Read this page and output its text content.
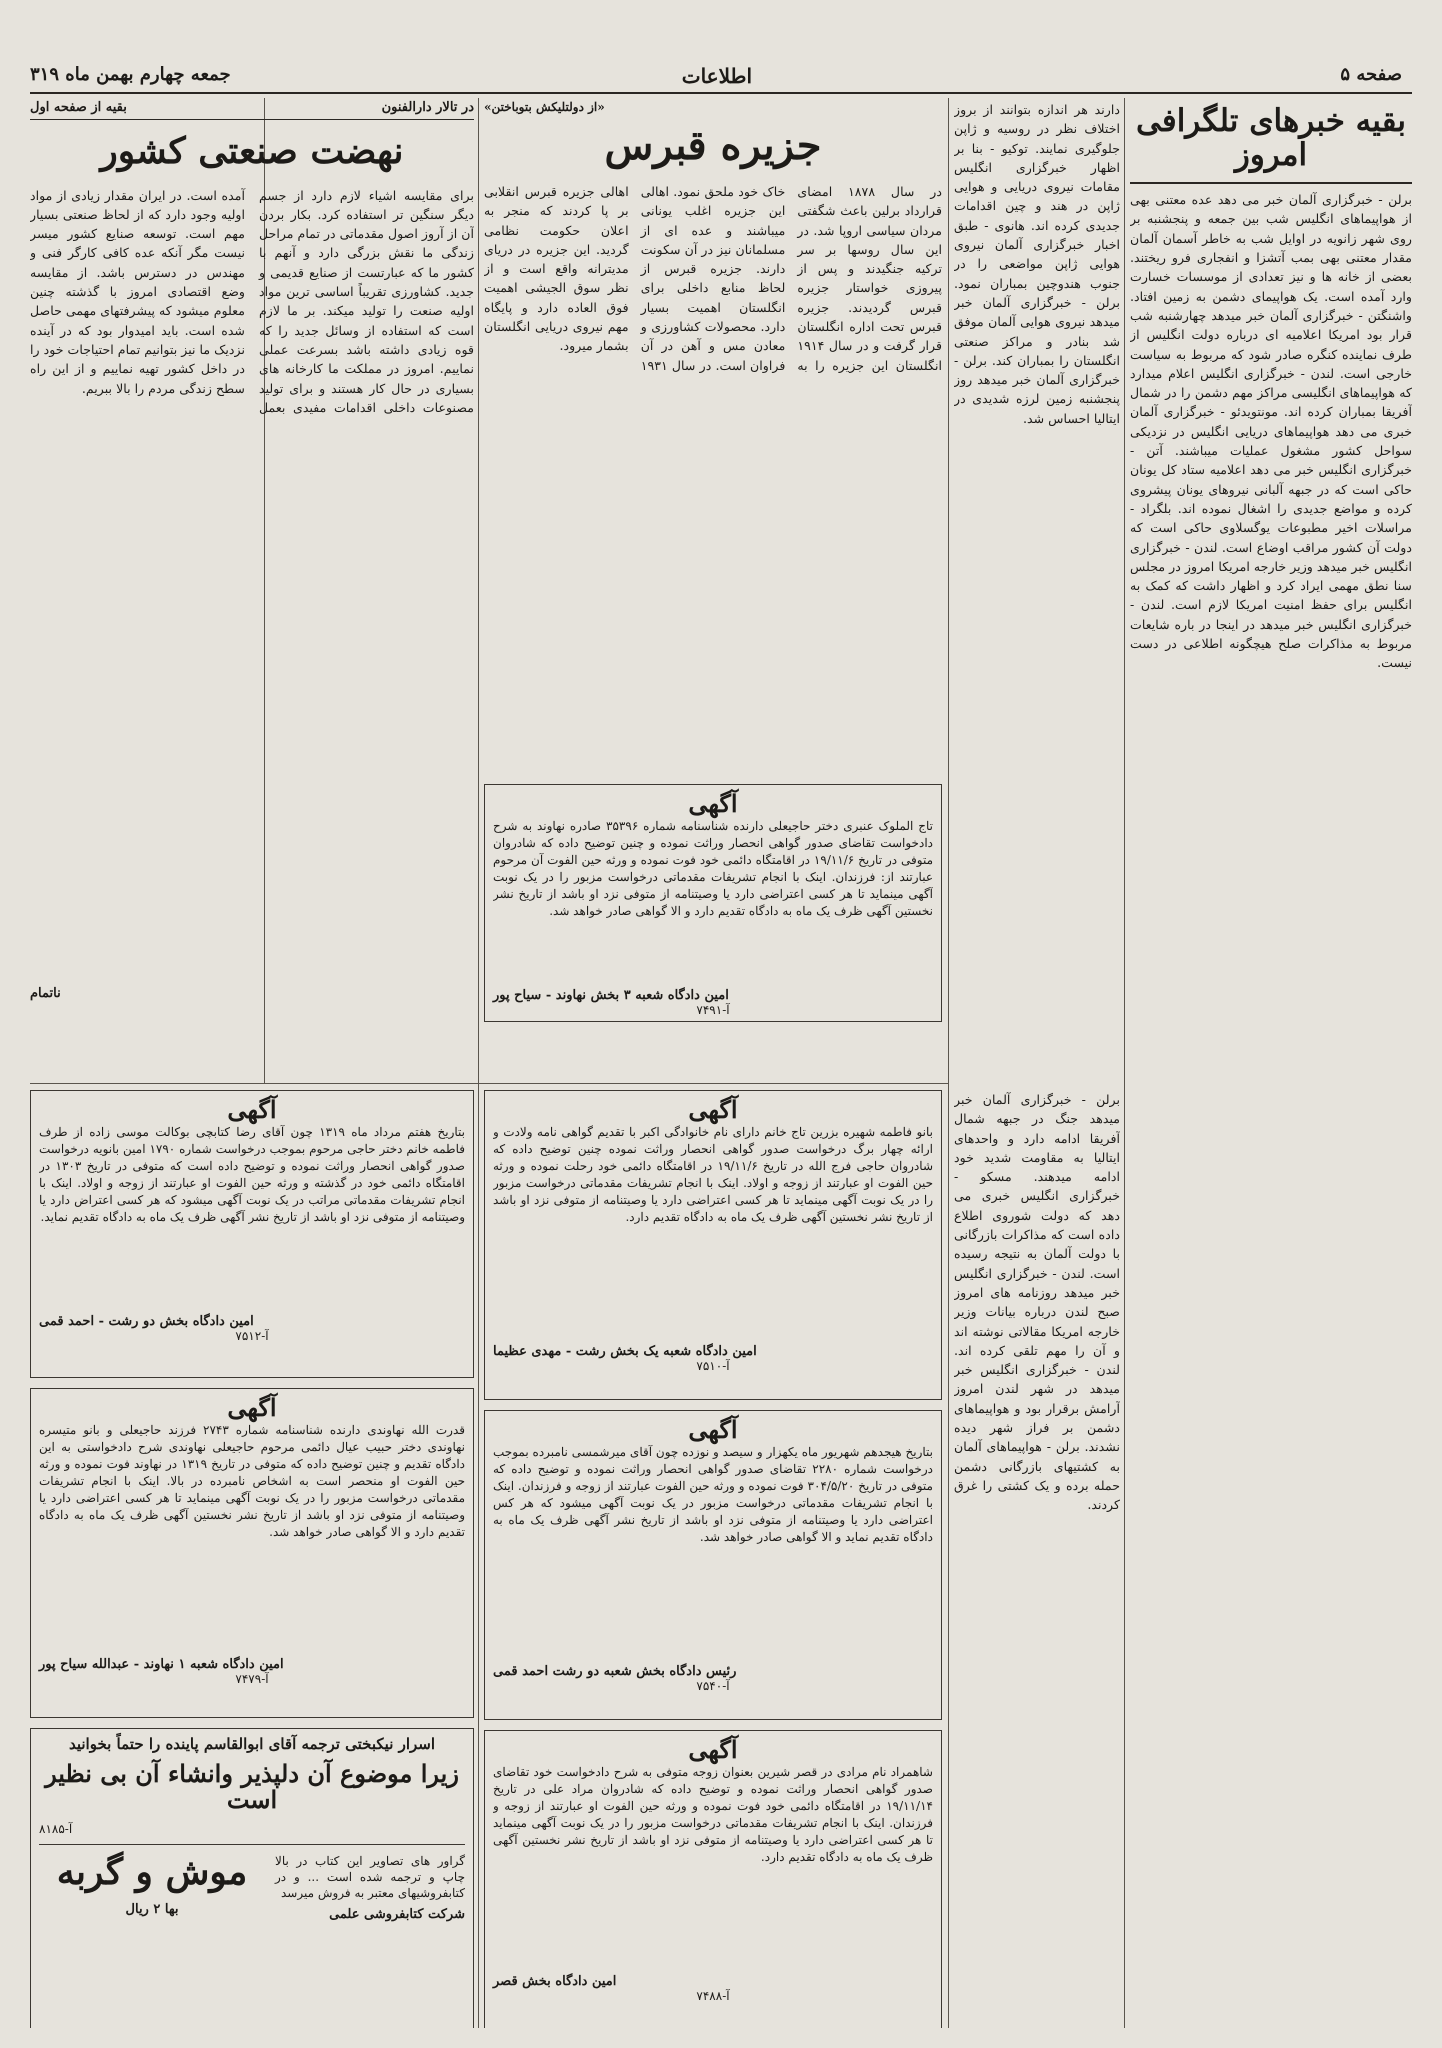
صفحه ۵
اطلاعات
جمعه چهارم بهمن ماه ۳۱۹
بقیه خبرهای تلگرافی امروز
برلن - خبرگزاری آلمان خبر می دهد عده معتنی بهی از هواپیماهای انگلیس شب بین جمعه و پنجشنبه بر روی شهر زانویه در اوایل شب به خاطر آسمان آلمان مقدار معتنی بهی بمب آتشزا و انفجاری فرو ریختند. بعضی از خانه ها و نیز تعدادی از موسسات خسارت وارد آمده است. یک هواپیمای دشمن به زمین افتاد. واشنگتن - خبرگزاری آلمان خبر میدهد چهارشنبه شب قرار بود امریکا اعلامیه ای درباره دولت انگلیس از طرف نماینده کنگره صادر شود که مربوط به سیاست خارجی است. لندن - خبرگزاری انگلیس اعلام میدارد که هواپیماهای انگلیسی مراکز مهم دشمن را در شمال آفریقا بمباران کرده اند. مونتویدئو - خبرگزاری آلمان خبری می دهد هواپیماهای دریایی انگلیس در نزدیکی سواحل کشور مشغول عملیات میباشند. آتن - خبرگزاری انگلیس خبر می دهد اعلامیه ستاد کل یونان حاکی است که در جبهه آلبانی نیروهای یونان پیشروی کرده و مواضع جدیدی را اشغال نموده اند. بلگراد - مراسلات اخیر مطبوعات یوگسلاوی حاکی است که دولت آن کشور مراقب اوضاع است. لندن - خبرگزاری انگلیس خبر میدهد وزیر خارجه امریکا امروز در مجلس سنا نطق مهمی ایراد کرد و اظهار داشت که کمک به انگلیس برای حفظ امنیت امریکا لازم است. لندن - خبرگزاری انگلیس خبر میدهد در اینجا در باره شایعات مربوط به مذاکرات صلح هیچگونه اطلاعی در دست نیست.
دارند هر اندازه بتوانند از بروز اختلاف نظر در روسیه و ژاپن جلوگیری نمایند. توکیو - بنا بر اظهار خبرگزاری انگلیس مقامات نیروی دریایی و هوایی ژاپن در هند و چین اقدامات جدیدی کرده اند. هانوی - طبق اخبار خبرگزاری آلمان نیروی هوایی ژاپن مواضعی را در جنوب هندوچین بمباران نمود. برلن - خبرگزاری آلمان خبر میدهد نیروی هوایی آلمان موفق شد بنادر و مراکز صنعتی انگلستان را بمباران کند. برلن - خبرگزاری آلمان خبر میدهد روز پنجشنبه زمین لرزه شدیدی در ایتالیا احساس شد.
برلن - خبرگزاری آلمان خبر میدهد جنگ در جبهه شمال آفریقا ادامه دارد و واحدهای ایتالیا به مقاومت شدید خود ادامه میدهند. مسکو - خبرگزاری انگلیس خبری می دهد که دولت شوروی اطلاع داده است که مذاکرات بازرگانی با دولت آلمان به نتیجه رسیده است. لندن - خبرگزاری انگلیس خبر میدهد روزنامه های امروز صبح لندن درباره بیانات وزیر خارجه امریکا مقالاتی نوشته اند و آن را مهم تلقی کرده اند. لندن - خبرگزاری انگلیس خبر میدهد در شهر لندن امروز آرامش برقرار بود و هواپیماهای دشمن بر فراز شهر دیده نشدند. برلن - هواپیماهای آلمان به کشتیهای بازرگانی دشمن حمله برده و یک کشتی را غرق کردند.
«از دولتلیکش بتوباختن»
جزیره قبرس
در سال ۱۸۷۸ امضای قرارداد برلین باعث شگفتی مردان سیاسی اروپا شد. در این سال روسها بر سر ترکیه جنگیدند و پس از پیروزی خواستار جزیره قبرس گردیدند. جزیره قبرس تحت اداره انگلستان قرار گرفت و در سال ۱۹۱۴ انگلستان این جزیره را به خاک خود ملحق نمود. اهالی این جزیره اغلب یونانی میباشند و عده ای از مسلمانان نیز در آن سکونت دارند. جزیره قبرس از لحاظ منابع داخلی برای انگلستان اهمیت بسیار دارد. محصولات کشاورزی و معادن مس و آهن در آن فراوان است. در سال ۱۹۳۱ اهالی جزیره قبرس انقلابی بر پا کردند که منجر به اعلان حکومت نظامی گردید. این جزیره در دریای مدیترانه واقع است و از نظر سوق الجیشی اهمیت فوق العاده دارد و پایگاه مهم نیروی دریایی انگلستان بشمار میرود.
آگهی
تاج الملوک عنبری دختر حاجیعلی دارنده شناسنامه شماره ۳۵۳۹۶ صادره نهاوند به شرح دادخواست تقاضای صدور گواهی انحصار وراثت نموده و چنین توضیح داده که شادروان متوفی در تاریخ ۱۹/۱۱/۶ در اقامتگاه دائمی خود فوت نموده و ورثه حین الفوت آن مرحوم عبارتند از: فرزندان. اینک با انجام تشریفات مقدماتی درخواست مزبور را در یک نوبت آگهی مینماید تا هر کسی اعتراضی دارد یا وصیتنامه از متوفی نزد او باشد از تاریخ نشر نخستین آگهی ظرف یک ماه به دادگاه تقدیم دارد و الا گواهی صادر خواهد شد.
امین دادگاه شعبه ۳ بخش نهاوند - سیاح پور
آ-۷۴۹۱
در تالار دارالفنون
بقیه از صفحه اول
نهضت صنعتی کشور
برای مقایسه اشیاء لازم دارد از جسم دیگر سنگین تر استفاده کرد. بکار بردن آن از آروز اصول مقدماتی در تمام مراحل زندگی ما نقش بزرگی دارد و آنهم با کشور ما که عبارتست از صنایع قدیمی و جدید. کشاورزی تقریباً اساسی ترین مواد اولیه صنعت را تولید میکند. بر ما لازم است که استفاده از وسائل جدید را که قوه زیادی داشته باشد بسرعت عملی نماییم. امروز در مملکت ما کارخانه های بسیاری در حال کار هستند و برای تولید مصنوعات داخلی اقدامات مفیدی بعمل آمده است. در ایران مقدار زیادی از مواد اولیه وجود دارد که از لحاظ صنعتی بسیار مهم است. توسعه صنایع کشور میسر نیست مگر آنکه عده کافی کارگر فنی و مهندس در دسترس باشد. از مقایسه وضع اقتصادی امروز با گذشته چنین معلوم میشود که پیشرفتهای مهمی حاصل شده است. باید امیدوار بود که در آینده نزدیک ما نیز بتوانیم تمام احتیاجات خود را در داخل کشور تهیه نماییم و از این راه سطح زندگی مردم را بالا ببریم.
ناتمام
آگهی
بتاریخ هفتم مرداد ماه ۱۳۱۹ چون آقای رضا کتابچی بوکالت موسی زاده از طرف فاطمه خانم دختر حاجی مرحوم بموجب درخواست شماره ۱۷۹۰ امین بانویه درخواست صدور گواهی انحصار وراثت نموده و توضیح داده است که متوفی در تاریخ ۱۳۰۳ در اقامتگاه دائمی خود در گذشته و ورثه حین الفوت او عبارتند از زوجه و اولاد. اینک با انجام تشریفات مقدماتی مراتب در یک نوبت آگهی میشود که هر کسی اعتراض دارد یا وصیتنامه از متوفی نزد او باشد از تاریخ نشر آگهی ظرف یک ماه به دادگاه تقدیم نماید.
امین دادگاه بخش دو رشت - احمد قمی
آ-۷۵۱۲
آگهی
قدرت الله نهاوندی دارنده شناسنامه شماره ۲۷۴۳ فرزند حاجیعلی و بانو متیسره نهاوندی دختر حبیب عیال دائمی مرحوم حاجیعلی نهاوندی شرح دادخواستی به این دادگاه تقدیم و چنین توضیح داده که متوفی در تاریخ ۱۳۱۹ در نهاوند فوت نموده و ورثه حین الفوت او منحصر است به اشخاص نامبرده در بالا. اینک با انجام تشریفات مقدماتی درخواست مزبور را در یک نوبت آگهی مینماید تا هر کسی اعتراضی دارد یا وصیتنامه از متوفی نزد او باشد از تاریخ نشر نخستین آگهی ظرف یک ماه به دادگاه تقدیم دارد و الا گواهی صادر خواهد شد.
امین دادگاه شعبه ۱ نهاوند - عبدالله سیاح پور
آ-۷۴۷۹
اسرار نیکبختی ترجمه آقای ابوالقاسم پاینده را حتماً بخوانید
زیرا موضوع آن دلپذیر وانشاء آن بی نظیر است
آ-۸۱۸۵
گراور های تصاویر این کتاب در بالا چاپ و ترجمه شده است ... و در کتابفروشیهای معتبر به فروش میرسد
شرکت کتابفروشی علمی
موش و گربه
بها ۲ ریال
آگهی
بانو فاطمه شهیره بزرین تاج خانم دارای نام خانوادگی اکبر با تقدیم گواهی نامه ولادت و ارائه چهار برگ درخواست صدور گواهی انحصار وراثت نموده چنین توضیح داده که شادروان حاجی فرج الله در تاریخ ۱۹/۱۱/۶ در اقامتگاه دائمی خود رحلت نموده و ورثه حین الفوت او عبارتند از زوجه و اولاد. اینک با انجام تشریفات مقدماتی درخواست مزبور را در یک نوبت آگهی مینماید تا هر کسی اعتراضی دارد یا وصیتنامه از متوفی نزد او باشد از تاریخ نشر نخستین آگهی ظرف یک ماه به دادگاه تقدیم دارد.
امین دادگاه شعبه یک بخش رشت - مهدی عظیما
آ-۷۵۱۰
آگهی
بتاریخ هیجدهم شهریور ماه یکهزار و سیصد و نوزده چون آقای میرشمسی نامبرده بموجب درخواست شماره ۲۲۸۰ تقاضای صدور گواهی انحصار وراثت نموده و توضیح داده که متوفی در تاریخ ۳۰۴/۵/۲۰ فوت نموده و ورثه حین الفوت عبارتند از زوجه و فرزندان. اینک با انجام تشریفات مقدماتی درخواست مزبور در یک نوبت آگهی میشود که هر کس اعتراضی دارد یا وصیتنامه از متوفی نزد او باشد از تاریخ نشر آگهی ظرف یک ماه به دادگاه تقدیم نماید و الا گواهی صادر خواهد شد.
رئیس دادگاه بخش شعبه دو رشت احمد قمی
آ-۷۵۴۰
آگهی
شاهمراد نام مرادی در قصر شیرین بعنوان زوجه متوفی به شرح دادخواست خود تقاضای صدور گواهی انحصار وراثت نموده و توضیح داده که شادروان مراد علی در تاریخ ۱۹/۱۱/۱۴ در اقامتگاه دائمی خود فوت نموده و ورثه حین الفوت او عبارتند از زوجه و فرزندان. اینک با انجام تشریفات مقدماتی درخواست مزبور را در یک نوبت آگهی مینماید تا هر کسی اعتراضی دارد یا وصیتنامه از متوفی نزد او باشد از تاریخ نشر نخستین آگهی ظرف یک ماه به دادگاه تقدیم دارد.
امین دادگاه بخش قصر
آ-۷۴۸۸
